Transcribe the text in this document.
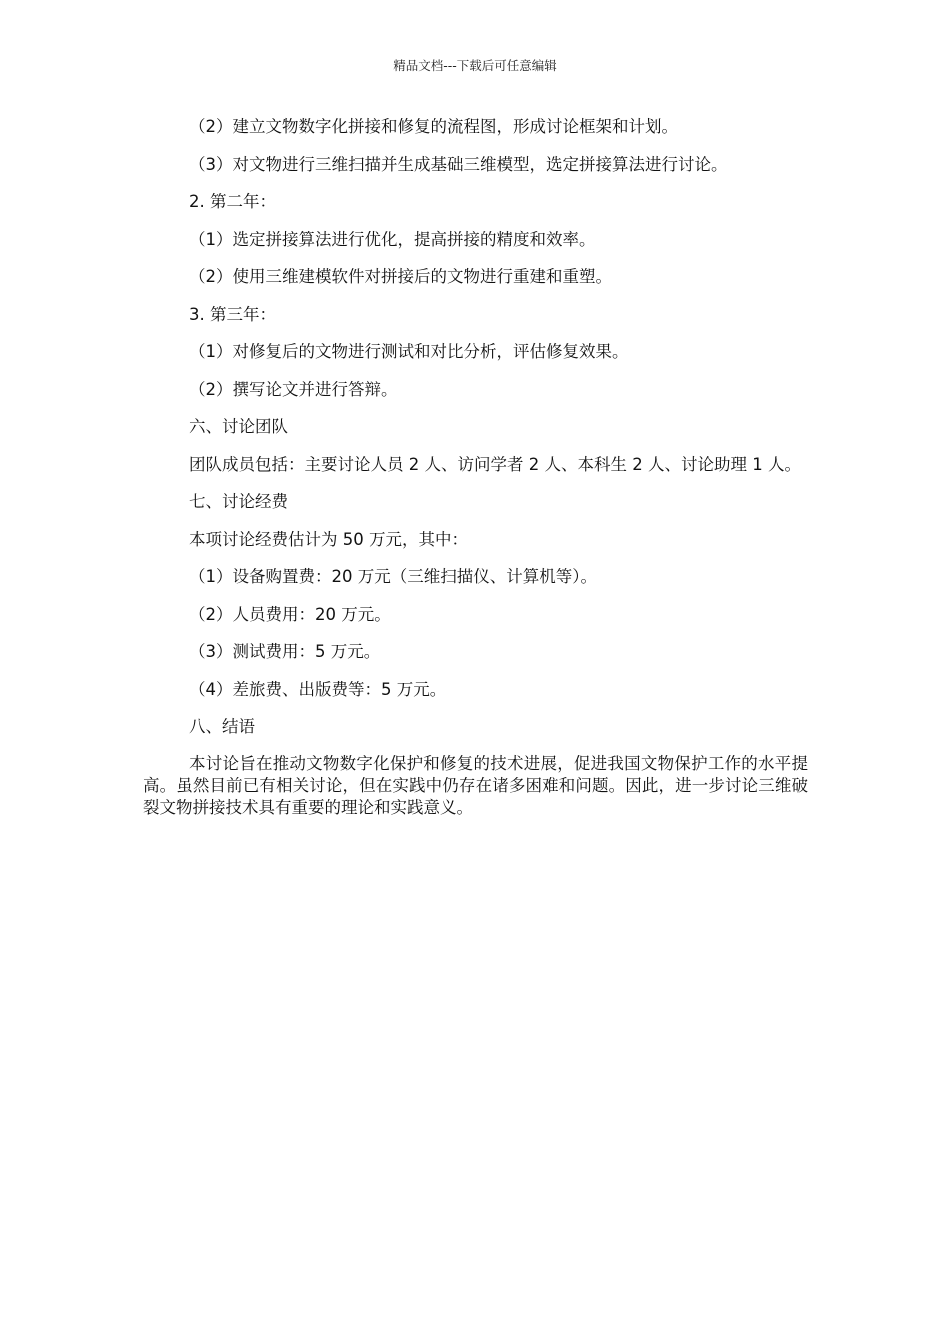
精品文档---下载后可任意编辑
（2）建立文物数字化拼接和修复的流程图，形成讨论框架和计划。
（3）对文物进行三维扫描并生成基础三维模型，选定拼接算法进行讨论。
2. 第二年：
（1）选定拼接算法进行优化，提高拼接的精度和效率。
（2）使用三维建模软件对拼接后的文物进行重建和重塑。
3. 第三年：
（1）对修复后的文物进行测试和对比分析，评估修复效果。
（2）撰写论文并进行答辩。
六、讨论团队
团队成员包括：主要讨论人员 2 人、访问学者 2 人、本科生 2 人、讨论助理 1 人。
七、讨论经费
本项讨论经费估计为 50 万元，其中：
（1）设备购置费：20 万元（三维扫描仪、计算机等）。
（2）人员费用：20 万元。
（3）测试费用：5 万元。
（4）差旅费、出版费等：5 万元。
八、结语
本讨论旨在推动文物数字化保护和修复的技术进展，促进我国文物保护工作的水平提高。虽然目前已有相关讨论，但在实践中仍存在诸多困难和问题。因此，进一步讨论三维破裂文物拼接技术具有重要的理论和实践意义。
